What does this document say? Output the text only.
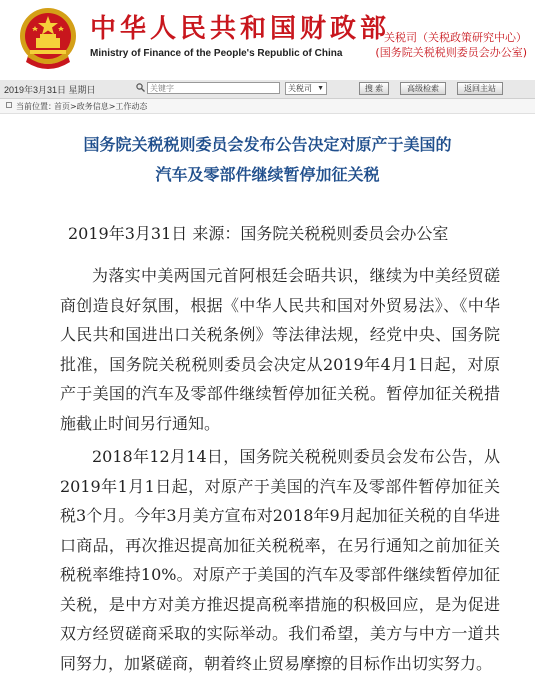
中华人民共和国财政部
Ministry of Finance of the People's Republic of China
关税司（关税政策研究中心）
(国务院关税税则委员会办公室)
2019年3月31日 星期日
关键字	关税司 ▼	搜 索	高级检索	返回主站
当前位置：
首页>政务信息>工作动态
国务院关税税则委员会发布公告决定对原产于美国的
汽车及零部件继续暂停加征关税
2019年3月31日 来源：国务院关税税则委员会办公室
为落实中美两国元首阿根廷会晤共识，继续为中美经贸磋商创造良好氛围，根据《中华人民共和国对外贸易法》、《中华人民共和国进出口关税条例》等法律法规，经党中央、国务院批准，国务院关税税则委员会决定从2019年4月1日起，对原产于美国的汽车及零部件继续暂停加征关税。暂停加征关税措施截止时间另行通知。
2018年12月14日，国务院关税税则委员会发布公告，从2019年1月1日起，对原产于美国的汽车及零部件暂停加征关税3个月。今年3月美方宣布对2018年9月起加征关税的自华进口商品，再次推迟提高加征关税税率，在另行通知之前加征关税税率维持10%。对原产于美国的汽车及零部件继续暂停加征关税，是中方对美方推迟提高税率措施的积极回应，是为促进双方经贸磋商采取的实际举动。我们希望，美方与中方一道共同努力，加紧磋商，朝着终止贸易摩擦的目标作出切实努力。
